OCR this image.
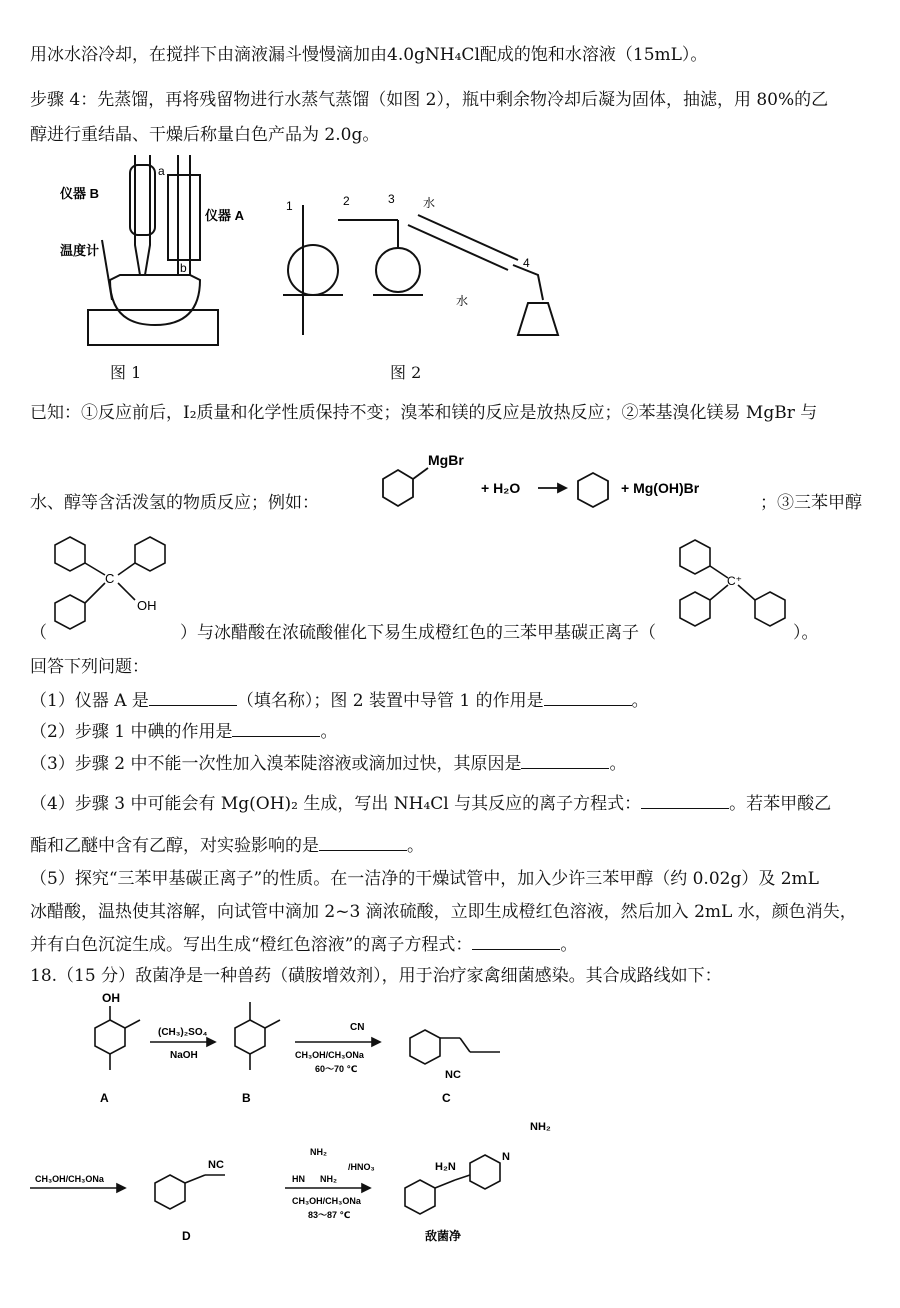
用冰水浴冷却，在搅拌下由滴液漏斗慢慢滴加由4.0gNH₄Cl配成的饱和水溶液（15mL）。
步骤 4：先蒸馏，再将残留物进行水蒸气蒸馏（如图 2），瓶中剩余物冷却后凝为固体，抽滤，用 80%的乙
醇进行重结晶、干燥后称量白色产品为 2.0g。
仪器 B
仪器 A
温度计
a
b
图 1
1	2	3
4
水
水
图 2
已知：①反应前后，I₂质量和化学性质保持不变；溴苯和镁的反应是放热反应；②苯基溴化镁易 MgBr 与
水、醇等含活泼氢的物质反应；例如：
MgBr
+ H₂O	+ Mg(OH)Br
；③三苯甲醇
C
OH
（	）与冰醋酸在浓硫酸催化下易生成橙红色的三苯甲基碳正离子（
C⁺
）。
回答下列问题：
（1）仪器 A 是	（填名称）；图 2 装置中导管 1 的作用是	。
（2）步骤 1 中碘的作用是	。
（3）步骤 2 中不能一次性加入溴苯陡溶液或滴加过快，其原因是	。
（4）步骤 3 中可能会有 Mg(OH)₂ 生成，写出 NH₄Cl 与其反应的离子方程式：	。若苯甲酸乙
酯和乙醚中含有乙醇，对实验影响的是	。
（5）探究“三苯甲基碳正离子”的性质。在一洁净的干燥试管中，加入少许三苯甲醇（约 0.02g）及 2mL
冰醋酸，温热使其溶解，向试管中滴加 2~3 滴浓硫酸，立即生成橙红色溶液，然后加入 2mL 水，颜色消失，
并有白色沉淀生成。写出生成“橙红色溶液”的离子方程式：	。
18.（15 分）敌菌净是一种兽药（磺胺增效剂），用于治疗家禽细菌感染。其合成路线如下：
OH
A
(CH₃)₂SO₄
NaOH
B
CN
CH₃OH/CH₃ONa
60～70 ℃	NC
C
CH₃OH/CH₃ONa
NC
D
NH₂
HN NH₂
/HNO₃
CH₃OH/CH₃ONa
83～87 ℃
H₂N
NH₂
N
敌菌净
